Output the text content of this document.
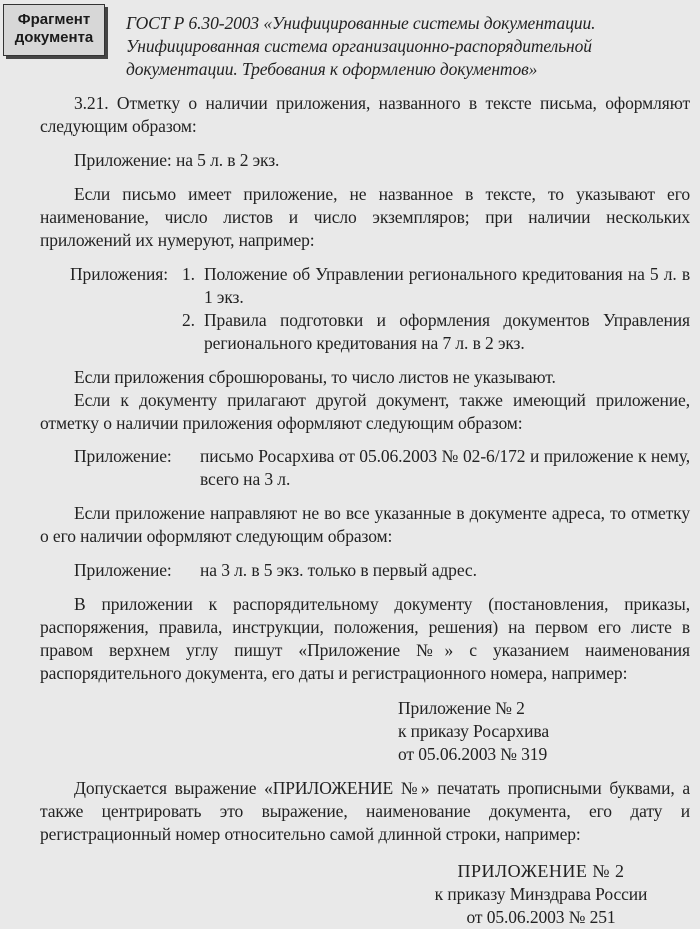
Фрагмент
документа
ГОСТ Р 6.30-2003 «Унифицированные системы документации. Унифицированная система организационно-распорядительной документации. Требования к оформлению документов»

3.21. Отметку о наличии приложения, названного в тексте письма, оформляют следующим образом:

Приложение: на 5 л. в 2 экз.

Если письмо имеет приложение, не названное в тексте, то указывают его наименование, число листов и число экземпляров; при наличии нескольких приложений их нумеруют, например:

Приложения: 1. Положение об Управлении регионального кредитования на 5 л. в 1 экз.
2. Правила подготовки и оформления документов Управления регионального кредитования на 7 л. в 2 экз.

Если приложения сброшюрованы, то число листов не указывают.

Если к документу прилагают другой документ, также имеющий приложение, отметку о наличии приложения оформляют следующим образом:

Приложение:	письмо Росархива от 05.06.2003 № 02-6/172 и приложение к нему, всего на 3 л.

Если приложение направляют не во все указанные в документе адреса, то отметку о его наличии оформляют следующим образом:

Приложение:	на 3 л. в 5 экз. только в первый адрес.

В приложении к распорядительному документу (постановления, приказы, распоряжения, правила, инструкции, положения, решения) на первом его листе в правом верхнем углу пишут «Приложение №» с указанием наименования распорядительного документа, его даты и регистрационного номера, например:

Приложение № 2
к приказу Росархива
от 05.06.2003 № 319

Допускается выражение «ПРИЛОЖЕНИЕ №» печатать прописными буквами, а также центрировать это выражение, наименование документа, его дату и регистрационный номер относительно самой длинной строки, например:

ПРИЛОЖЕНИЕ № 2
к приказу Минздрава России
от 05.06.2003 № 251
